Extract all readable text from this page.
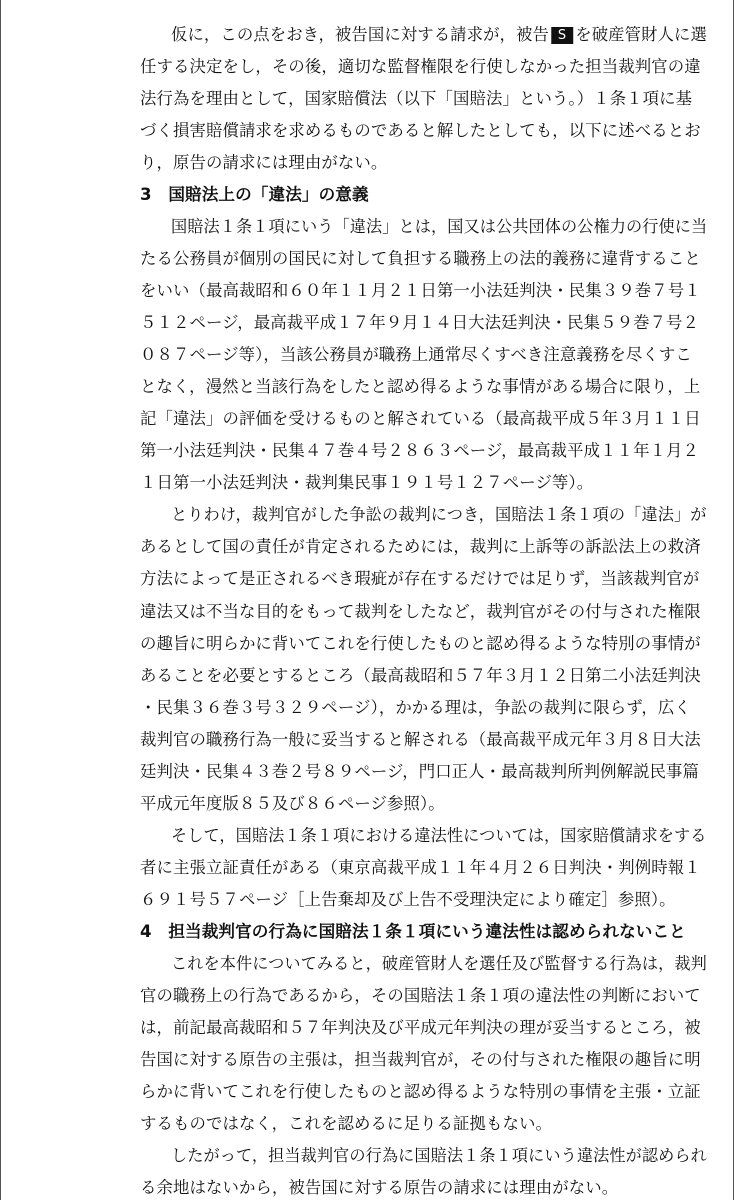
仮に，この点をおき，被告国に対する請求が，被告 S を破産管財人に選
任する決定をし，その後，適切な監督権限を行使しなかった担当裁判官の違
法行為を理由として，国家賠償法（以下「国賠法」という。）１条１項に基
づく損害賠償請求を求めるものであると解したとしても，以下に述べるとお
り，原告の請求には理由がない。
3　国賠法上の「違法」の意義
国賠法１条１項にいう「違法」とは，国又は公共団体の公権力の行使に当
たる公務員が個別の国民に対して負担する職務上の法的義務に違背すること
をいい（最高裁昭和６０年１１月２１日第一小法廷判決・民集３９巻７号１
５１２ページ，最高裁平成１７年９月１４日大法廷判決・民集５９巻７号２
０８７ページ等），当該公務員が職務上通常尽くすべき注意義務を尽くすこ
となく，漫然と当該行為をしたと認め得るような事情がある場合に限り，上
記「違法」の評価を受けるものと解されている（最高裁平成５年３月１１日
第一小法廷判決・民集４７巻４号２８６３ページ，最高裁平成１１年１月２
１日第一小法廷判決・裁判集民事１９１号１２７ページ等）。
とりわけ，裁判官がした争訟の裁判につき，国賠法１条１項の「違法」が
あるとして国の責任が肯定されるためには，裁判に上訴等の訴訟法上の救済
方法によって是正されるべき瑕疵が存在するだけでは足りず，当該裁判官が
違法又は不当な目的をもって裁判をしたなど，裁判官がその付与された権限
の趣旨に明らかに背いてこれを行使したものと認め得るような特別の事情が
あることを必要とするところ（最高裁昭和５７年３月１２日第二小法廷判決
・民集３６巻３号３２９ページ），かかる理は，争訟の裁判に限らず，広く
裁判官の職務行為一般に妥当すると解される（最高裁平成元年３月８日大法
廷判決・民集４３巻２号８９ページ，門口正人・最高裁判所判例解説民事篇
平成元年度版８５及び８６ページ参照）。
そして，国賠法１条１項における違法性については，国家賠償請求をする
者に主張立証責任がある（東京高裁平成１１年４月２６日判決・判例時報１
６９１号５７ページ［上告棄却及び上告不受理決定により確定］参照）。
4　担当裁判官の行為に国賠法１条１項にいう違法性は認められないこと
これを本件についてみると，破産管財人を選任及び監督する行為は，裁判
官の職務上の行為であるから，その国賠法１条１項の違法性の判断において
は，前記最高裁昭和５７年判決及び平成元年判決の理が妥当するところ，被
告国に対する原告の主張は，担当裁判官が，その付与された権限の趣旨に明
らかに背いてこれを行使したものと認め得るような特別の事情を主張・立証
するものではなく，これを認めるに足りる証拠もない。
したがって，担当裁判官の行為に国賠法１条１項にいう違法性が認められ
る余地はないから，被告国に対する原告の請求には理由がない。
